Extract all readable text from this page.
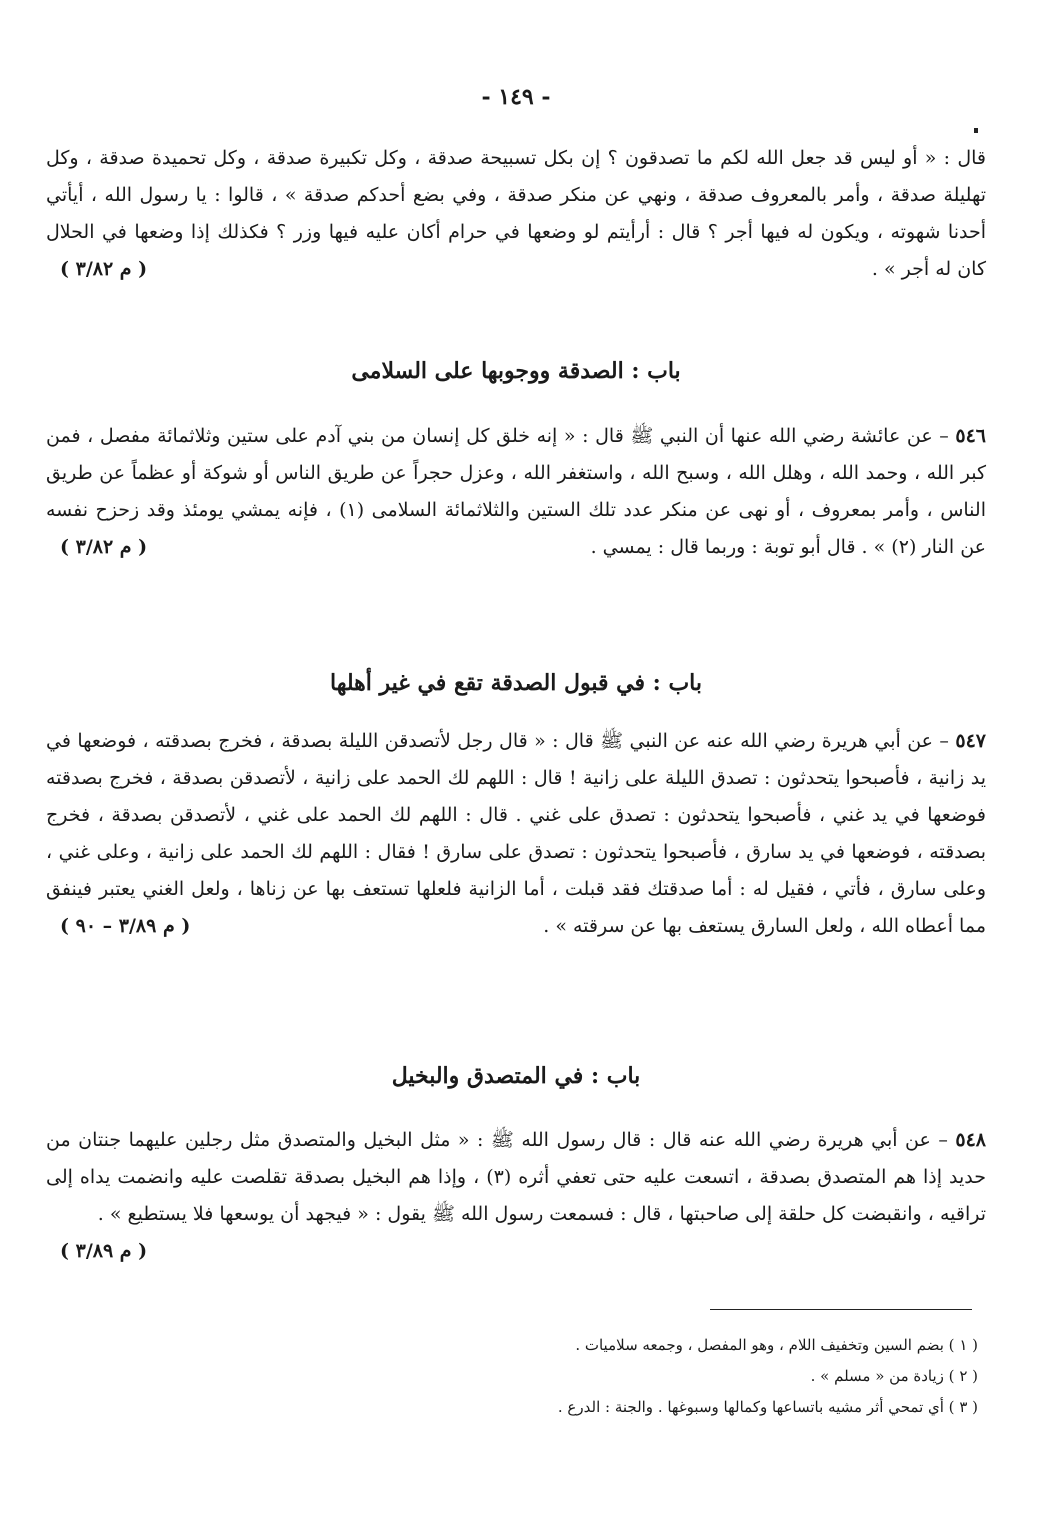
- ١٤٩ -
قال : « أو ليس قد جعل الله لكم ما تصدقون ؟ إن بكل تسبيحة صدقة ، وكل تكبيرة صدقة ، وكل تحميدة صدقة ، وكل تهليلة صدقة ، وأمر بالمعروف صدقة ، ونهي عن منكر صدقة ، وفي بضع أحدكم صدقة » ، قالوا : يا رسول الله ، أيأتي أحدنا شهوته ، ويكون له فيها أجر ؟ قال : أرأيتم لو وضعها في حرام أكان عليه فيها وزر ؟ فكذلك إذا وضعها في الحلال كان له أجر » .
( م ٣/٨٢ )
باب : الصدقة ووجوبها على السلامى
٥٤٦ – عن عائشة رضي الله عنها أن النبي ﷺ قال : « إنه خلق كل إنسان من بني آدم على ستين وثلاثمائة مفصل ، فمن كبر الله ، وحمد الله ، وهلل الله ، وسبح الله ، واستغفر الله ، وعزل حجراً عن طريق الناس أو شوكة أو عظماً عن طريق الناس ، وأمر بمعروف ، أو نهى عن منكر عدد تلك الستين والثلاثمائة السلامى (١) ، فإنه يمشي يومئذ وقد زحزح نفسه عن النار (٢) » . قال أبو توبة : وربما قال : يمسي .
( م ٣/٨٢ )
باب : في قبول الصدقة تقع في غير أهلها
٥٤٧ – عن أبي هريرة رضي الله عنه عن النبي ﷺ قال : « قال رجل لأتصدقن الليلة بصدقة ، فخرج بصدقته ، فوضعها في يد زانية ، فأصبحوا يتحدثون : تصدق الليلة على زانية ! قال : اللهم لك الحمد على زانية ، لأتصدقن بصدقة ، فخرج بصدقته فوضعها في يد غني ، فأصبحوا يتحدثون : تصدق على غني . قال : اللهم لك الحمد على غني ، لأتصدقن بصدقة ، فخرج بصدقته ، فوضعها في يد سارق ، فأصبحوا يتحدثون : تصدق على سارق ! فقال : اللهم لك الحمد على زانية ، وعلى غني ، وعلى سارق ، فأتي ، فقيل له : أما صدقتك فقد قبلت ، أما الزانية فلعلها تستعف بها عن زناها ، ولعل الغني يعتبر فينفق مما أعطاه الله ، ولعل السارق يستعف بها عن سرقته » .
( م ٣/٨٩ – ٩٠ )
باب : في المتصدق والبخيل
٥٤٨ – عن أبي هريرة رضي الله عنه قال : قال رسول الله ﷺ : « مثل البخيل والمتصدق مثل رجلين عليهما جنتان من حديد إذا هم المتصدق بصدقة ، اتسعت عليه حتى تعفي أثره (٣) ، وإذا هم البخيل بصدقة تقلصت عليه وانضمت يداه إلى تراقيه ، وانقبضت كل حلقة إلى صاحبتها ، قال : فسمعت رسول الله ﷺ يقول : « فيجهد أن يوسعها فلا يستطيع » .
( م ٣/٨٩ )
( ١ ) بضم السين وتخفيف اللام ، وهو المفصل ، وجمعه سلاميات .
( ٢ ) زيادة من « مسلم » .
( ٣ ) أي تمحي أثر مشيه باتساعها وكمالها وسبوغها . والجنة : الدرع .
